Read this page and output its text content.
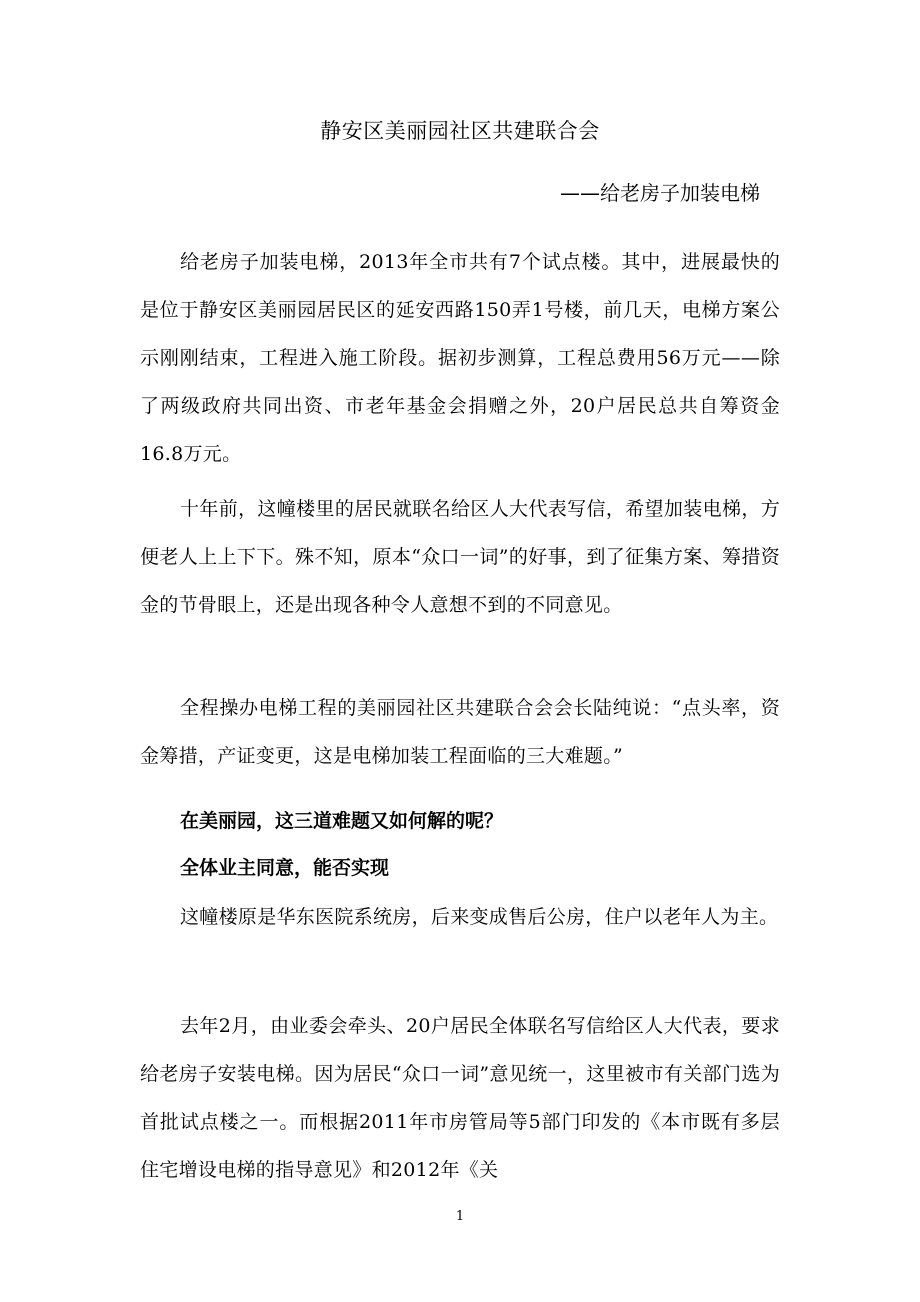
静安区美丽园社区共建联合会
——给老房子加装电梯
给老房子加装电梯，2013年全市共有7个试点楼。其中，进展最快的是位于静安区美丽园居民区的延安西路150弄1号楼，前几天，电梯方案公示刚刚结束，工程进入施工阶段。据初步测算，工程总费用56万元——除了两级政府共同出资、市老年基金会捐赠之外，20户居民总共自筹资金16.8万元。
十年前，这幢楼里的居民就联名给区人大代表写信，希望加装电梯，方便老人上上下下。殊不知，原本“众口一词”的好事，到了征集方案、筹措资金的节骨眼上，还是出现各种令人意想不到的不同意见。
全程操办电梯工程的美丽园社区共建联合会会长陆纯说：“点头率，资金筹措，产证变更，这是电梯加装工程面临的三大难题。”
在美丽园，这三道难题又如何解的呢？
全体业主同意，能否实现
这幢楼原是华东医院系统房，后来变成售后公房，住户以老年人为主。
去年2月，由业委会牵头、20户居民全体联名写信给区人大代表，要求给老房子安装电梯。因为居民“众口一词”意见统一，这里被市有关部门选为首批试点楼之一。而根据2011年市房管局等5部门印发的《本市既有多层住宅增设电梯的指导意见》和2012年《关
1
